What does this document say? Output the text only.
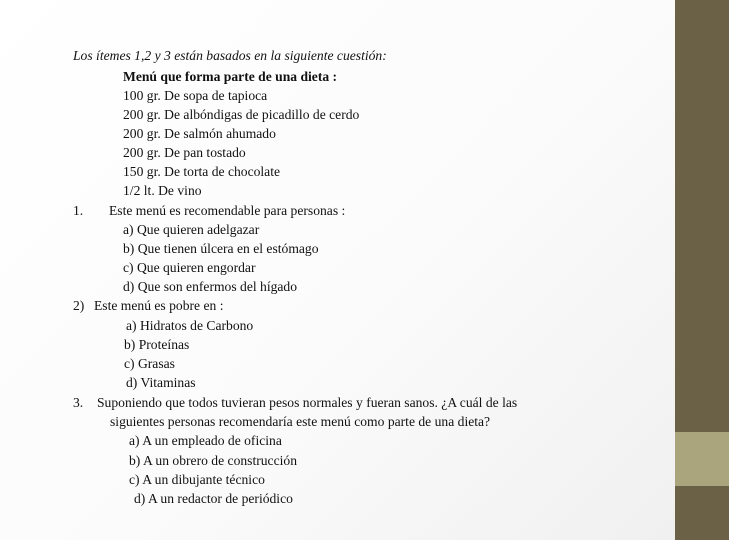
Los ítemes 1,2 y 3 están basados en la siguiente cuestión:

Menú que forma parte de una dieta :

100 gr. De sopa de tapioca

200 gr. De albóndigas de picadillo de cerdo

200 gr. De salmón ahumado

200 gr. De pan tostado

150 gr. De torta de chocolate

1/2 lt. De vino

1. Este menú es recomendable para personas :

a) Que quieren adelgazar

b) Que tienen úlcera en el estómago

c) Que quieren engordar

d) Que son enfermos del hígado

2) Este menú es pobre en :

a) Hidratos de Carbono

b) Proteínas

c) Grasas

d) Vitaminas

3. Suponiendo que todos tuvieran pesos normales y fueran sanos. ¿A cuál de las

siguientes personas recomendaría este menú como parte de una dieta?

a) A un empleado de oficina

b) A un obrero de construcción

c) A un dibujante técnico

d) A un redactor de periódico
